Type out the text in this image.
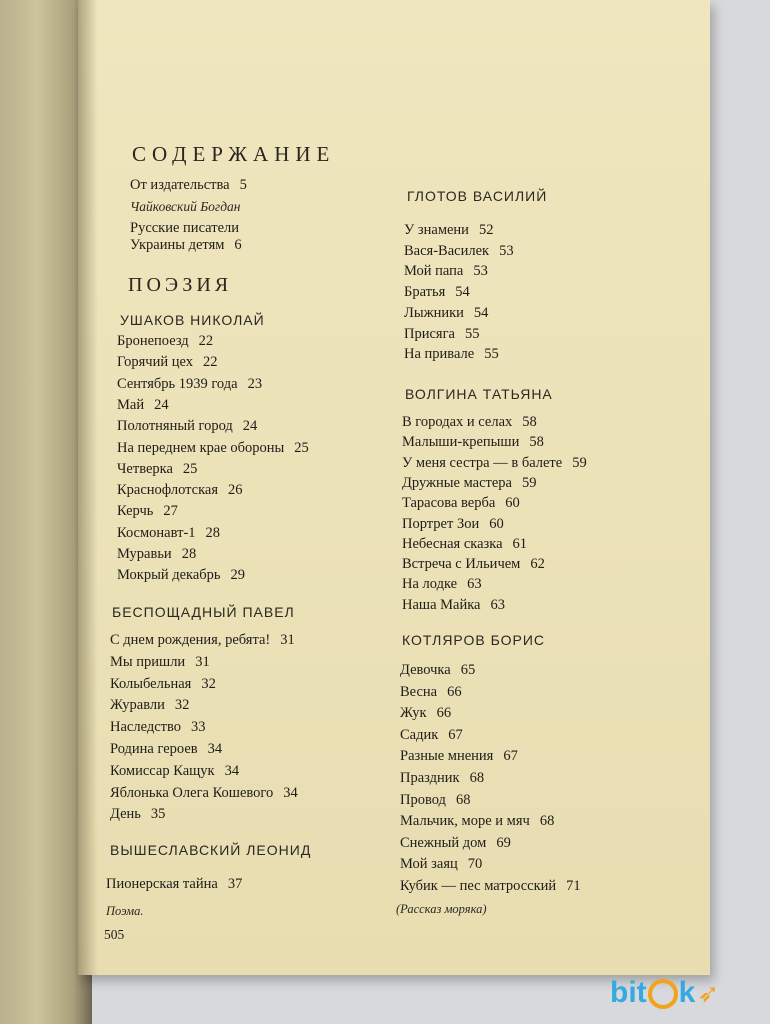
СОДЕРЖАНИЕ
От издательства 5
Чайковский Богдан
Русские писатели
Украины детям 6
ПОЭЗИЯ
УШАКОВ НИКОЛАЙ
Бронепоезд 22
Горячий цех 22
Сентябрь 1939 года 23
Май 24
Полотняный город 24
На переднем крае обороны 25
Четверка 25
Краснофлотская 26
Керчь 27
Космонавт-1 28
Муравьи 28
Мокрый декабрь 29
БЕСПОЩАДНЫЙ ПАВЕЛ
С днем рождения, ребята! 31
Мы пришли 31
Колыбельная 32
Журавли 32
Наследство 33
Родина героев 34
Комиссар Кащук 34
Яблонька Олега Кошевого 34
День 35
ВЫШЕСЛАВСКИЙ ЛЕОНИД
Пионерская тайна 37
Поэма.
505
ГЛОТОВ ВАСИЛИЙ
У знамени 52
Вася-Василек 53
Мой папа 53
Братья 54
Лыжники 54
Присяга 55
На привале 55
ВОЛГИНА ТАТЬЯНА
В городах и селах 58
Малыши-крепыши 58
У меня сестра — в балете 59
Дружные мастера 59
Тарасова верба 60
Портрет Зои 60
Небесная сказка 61
Встреча с Ильичем 62
На лодке 63
Наша Майка 63
КОТЛЯРОВ БОРИС
Девочка 65
Весна 66
Жук 66
Садик 67
Разные мнения 67
Праздник 68
Провод 68
Мальчик, море и мяч 68
Снежный дом 69
Мой заяц 70
Кубик — пес матросский 71
(Рассказ моряка)
bit k ➶
